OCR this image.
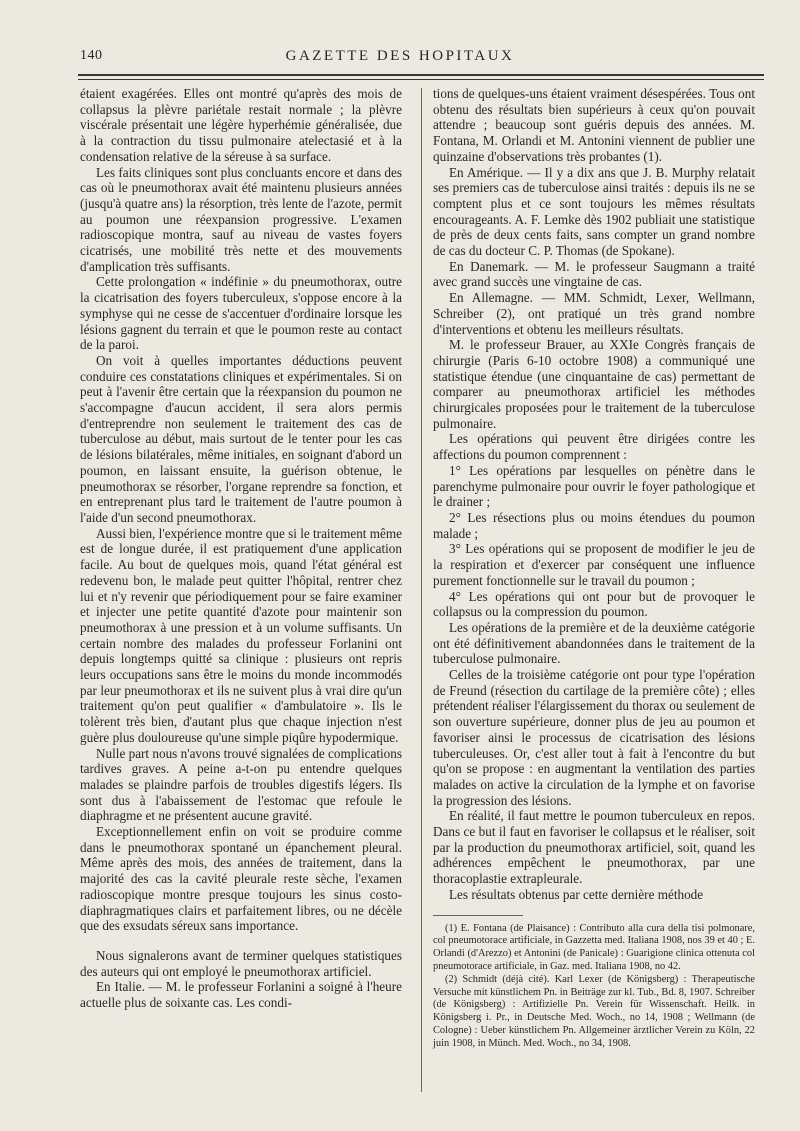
140	GAZETTE DES HOPITAUX

étaient exagérées. Elles ont montré qu'après des mois de collapsus la plèvre pariétale restait normale ; la plèvre viscérale présentait une légère hyperhémie généralisée, due à la contraction du tissu pulmonaire atelectasié et à la condensation relative de la séreuse à sa surface.

Les faits cliniques sont plus concluants encore et dans des cas où le pneumothorax avait été maintenu plusieurs années (jusqu'à quatre ans) la résorption, très lente de l'azote, permit au poumon une réexpansion progressive. L'examen radioscopique montra, sauf au niveau de vastes foyers cicatrisés, une mobilité très nette et des mouvements d'amplication très suffisants.

Cette prolongation « indéfinie » du pneumothorax, outre la cicatrisation des foyers tuberculeux, s'oppose encore à la symphyse qui ne cesse de s'accentuer d'ordinaire lorsque les lésions gagnent du terrain et que le poumon reste au contact de la paroi.

On voit à quelles importantes déductions peuvent conduire ces constatations cliniques et expérimentales. Si on peut à l'avenir être certain que la réexpansion du poumon ne s'accompagne d'aucun accident, il sera alors permis d'entreprendre non seulement le traitement des cas de tuberculose au début, mais surtout de le tenter pour les cas de lésions bilatérales, même initiales, en soignant d'abord un poumon, en laissant ensuite, la guérison obtenue, le pneumothorax se résorber, l'organe reprendre sa fonction, et en entreprenant plus tard le traitement de l'autre poumon à l'aide d'un second pneumothorax.

Aussi bien, l'expérience montre que si le traitement même est de longue durée, il est pratiquement d'une application facile. Au bout de quelques mois, quand l'état général est redevenu bon, le malade peut quitter l'hôpital, rentrer chez lui et n'y revenir que périodiquement pour se faire examiner et injecter une petite quantité d'azote pour maintenir son pneumothorax à une pression et à un volume suffisants. Un certain nombre des malades du professeur Forlanini ont depuis longtemps quitté sa clinique : plusieurs ont repris leurs occupations sans être le moins du monde incommodés par leur pneumothorax et ils ne suivent plus à vrai dire qu'un traitement qu'on peut qualifier « d'ambulatoire ». Ils le tolèrent très bien, d'autant plus que chaque injection n'est guère plus douloureuse qu'une simple piqûre hypodermique.

Nulle part nous n'avons trouvé signalées de complications tardives graves. A peine a-t-on pu entendre quelques malades se plaindre parfois de troubles digestifs légers. Ils sont dus à l'abaissement de l'estomac que refoule le diaphragme et ne présentent aucune gravité.

Exceptionnellement enfin on voit se produire comme dans le pneumothorax spontané un épanchement pleural. Même après des mois, des années de traitement, dans la majorité des cas la cavité pleurale reste sèche, l'examen radioscopique montre presque toujours les sinus costo-diaphragmatiques clairs et parfaitement libres, ou ne décèle que des exsudats séreux sans importance.

Nous signalerons avant de terminer quelques statistiques des auteurs qui ont employé le pneumothorax artificiel.

En Italie. — M. le professeur Forlanini a soigné à l'heure actuelle plus de soixante cas. Les condi-

tions de quelques-uns étaient vraiment désespérées. Tous ont obtenu des résultats bien supérieurs à ceux qu'on pouvait attendre ; beaucoup sont guéris depuis des années. M. Fontana, M. Orlandi et M. Antonini viennent de publier une quinzaine d'observations très probantes (1).

En Amérique. — Il y a dix ans que J. B. Murphy relatait ses premiers cas de tuberculose ainsi traités : depuis ils ne se comptent plus et ce sont toujours les mêmes résultats encourageants. A. F. Lemke dès 1902 publiait une statistique de près de deux cents faits, sans compter un grand nombre de cas du docteur C. P. Thomas (de Spokane).

En Danemark. — M. le professeur Saugmann a traité avec grand succès une vingtaine de cas.

En Allemagne. — MM. Schmidt, Lexer, Wellmann, Schreiber (2), ont pratiqué un très grand nombre d'interventions et obtenu les meilleurs résultats.

M. le professeur Brauer, au XXIe Congrès français de chirurgie (Paris 6-10 octobre 1908) a communiqué une statistique étendue (une cinquantaine de cas) permettant de comparer au pneumothorax artificiel les méthodes chirurgicales proposées pour le traitement de la tuberculose pulmonaire.

Les opérations qui peuvent être dirigées contre les affections du poumon comprennent :

1° Les opérations par lesquelles on pénètre dans le parenchyme pulmonaire pour ouvrir le foyer pathologique et le drainer ;

2° Les résections plus ou moins étendues du poumon malade ;

3° Les opérations qui se proposent de modifier le jeu de la respiration et d'exercer par conséquent une influence purement fonctionnelle sur le travail du poumon ;

4° Les opérations qui ont pour but de provoquer le collapsus ou la compression du poumon.

Les opérations de la première et de la deuxième catégorie ont été définitivement abandonnées dans le traitement de la tuberculose pulmonaire.

Celles de la troisième catégorie ont pour type l'opération de Freund (résection du cartilage de la première côte) ; elles prétendent réaliser l'élargissement du thorax ou seulement de son ouverture supérieure, donner plus de jeu au poumon et favoriser ainsi le processus de cicatrisation des lésions tuberculeuses. Or, c'est aller tout à fait à l'encontre du but qu'on se propose : en augmentant la ventilation des parties malades on active la circulation de la lymphe et on favorise la progression des lésions.

En réalité, il faut mettre le poumon tuberculeux en repos. Dans ce but il faut en favoriser le collapsus et le réaliser, soit par la production du pneumothorax artificiel, soit, quand les adhérences empêchent le pneumothorax, par une thoracoplastie extrapleurale.

Les résultats obtenus par cette dernière méthode

(1) E. Fontana (de Plaisance) : Contributo alla cura della tisi polmonare, col pneumotorace artificiale, in Gazzetta med. Italiana 1908, nos 39 et 40 ; E. Orlandi (d'Arezzo) et Antonini (de Panicale) : Guarigione clinica ottenuta col pneumotorace artificiale, in Gaz. med. Italiana 1908, no 42.

(2) Schmidt (déjà cité). Karl Lexer (de Königsberg) : Therapeutische Versuche mit künstlichem Pn. in Beiträge zur kl. Tub., Bd. 8, 1907. Schreiber (de Königsberg) : Artifizielle Pn. Verein für Wissenschaft. Heilk. in Königsberg i. Pr., in Deutsche Med. Woch., no 14, 1908 ; Wellmann (de Cologne) : Ueber künstlichem Pn. Allgemeiner ärztlicher Verein zu Köln, 22 juin 1908, in Münch. Med. Woch., no 34, 1908.
